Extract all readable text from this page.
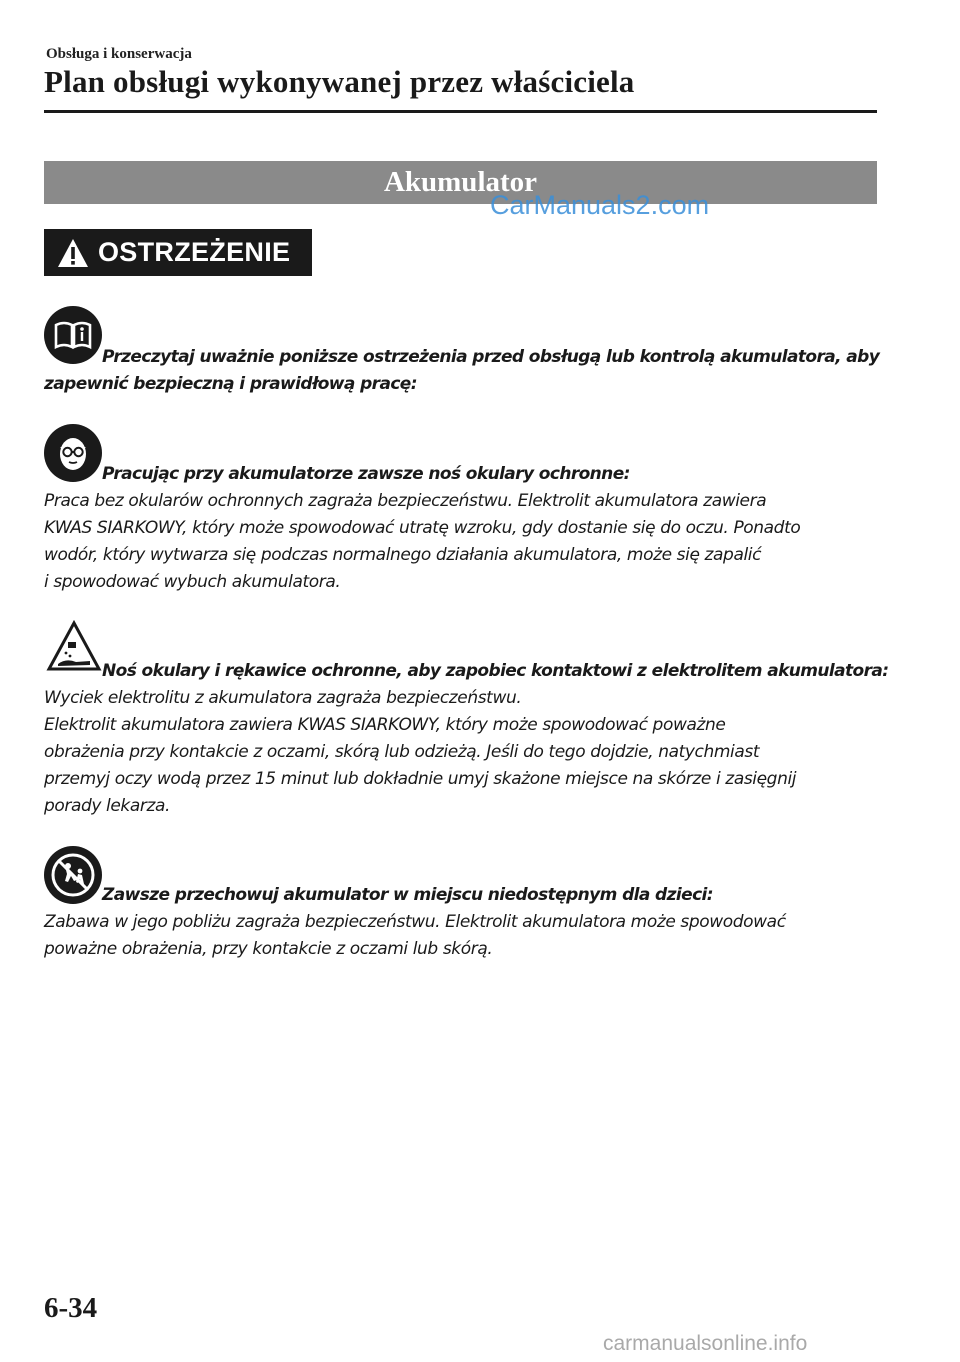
Obsługa i konserwacja
Plan obsługi wykonywanej przez właściciela
Akumulator
CarManuals2.com
OSTRZEŻENIE
Przeczytaj uważnie poniższe ostrzeżenia przed obsługą lub kontrolą akumulatora, aby
zapewnić bezpieczną i prawidłową pracę:
Pracując przy akumulatorze zawsze noś okulary ochronne:
Praca bez okularów ochronnych zagraża bezpieczeństwu. Elektrolit akumulatora zawiera
KWAS SIARKOWY, który może spowodować utratę wzroku, gdy dostanie się do oczu. Ponadto
wodór, który wytwarza się podczas normalnego działania akumulatora, może się zapalić
i spowodować wybuch akumulatora.
Noś okulary i rękawice ochronne, aby zapobiec kontaktowi z elektrolitem akumulatora:
Wyciek elektrolitu z akumulatora zagraża bezpieczeństwu.
Elektrolit akumulatora zawiera KWAS SIARKOWY, który może spowodować poważne
obrażenia przy kontakcie z oczami, skórą lub odzieżą. Jeśli do tego dojdzie, natychmiast
przemyj oczy wodą przez 15 minut lub dokładnie umyj skażone miejsce na skórze i zasięgnij
porady lekarza.
Zawsze przechowuj akumulator w miejscu niedostępnym dla dzieci:
Zabawa w jego pobliżu zagraża bezpieczeństwu. Elektrolit akumulatora może spowodować
poważne obrażenia, przy kontakcie z oczami lub skórą.
6-34
carmanualsonline.info
